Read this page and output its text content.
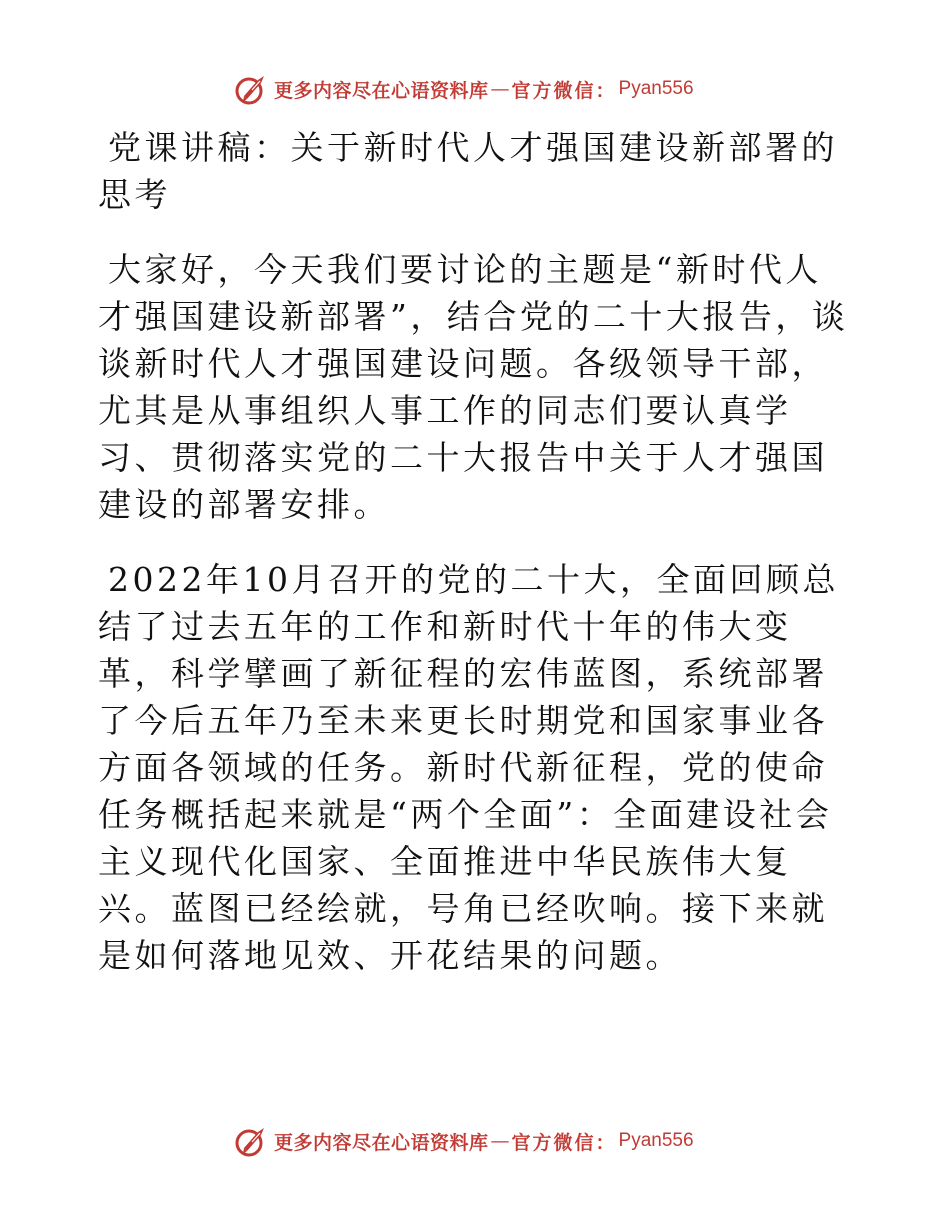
更多内容尽在心语资料库 — 官方微信： Pyan556
党课讲稿：关于新时代人才强国建设新部署的思考

大家好，今天我们要讨论的主题是“新时代人才强国建设新部署”，结合党的二十大报告，谈谈新时代人才强国建设问题。各级领导干部，尤其是从事组织人事工作的同志们要认真学习、贯彻落实党的二十大报告中关于人才强国建设的部署安排。

2022年10月召开的党的二十大，全面回顾总结了过去五年的工作和新时代十年的伟大变革，科学擘画了新征程的宏伟蓝图，系统部署了今后五年乃至未来更长时期党和国家事业各方面各领域的任务。新时代新征程，党的使命任务概括起来就是“两个全面”：全面建设社会主义现代化国家、全面推进中华民族伟大复兴。蓝图已经绘就，号角已经吹响。接下来就是如何落地见效、开花结果的问题。

更多内容尽在心语资料库 — 官方微信： Pyan556
